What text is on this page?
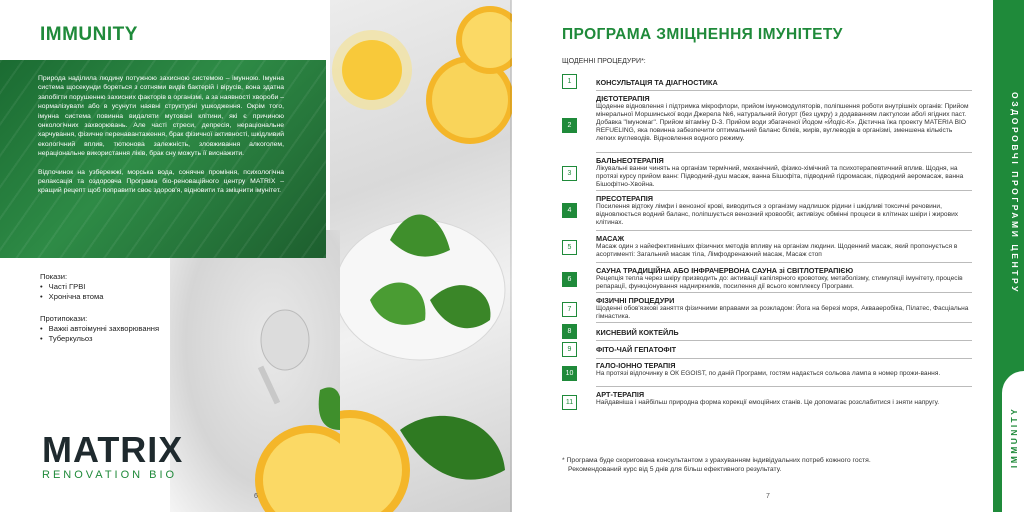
IMMUNITY

Природа наділила людину потужною захисною системою – імунною. Імунна система щосекунди бореться з сотнями видів бактерій і вірусів, вона здатна запобігти порушенню захисних факторів в організмі, а за наявності хвороби – нормалізувати або в усунути наявні структурні ушкодження. Окрім того, імунна система повинна видаляти мутовані клітини, які є причиною онкологічних захворювань. Але часті стреси, депресія, нераціональне харчування, фізичне перенавантаження, брак фізичної активності, шкідливий екологічний вплив, тютюнова залежність, зловживання алкоголем, нераціональне використання ліків, брак сну можуть її виснажити.

Відпочинок на узбережжі, морська вода, сонячне проміння, психологічна релаксація та оздоровча Програма біо-реноваційного центру MATRIX – кращий рецепт щоб поправити своє здоров'я, відновити та зміцнити імунітет.

Покази:
• Часті ГРВІ
• Хронічна втома
Протипокази:
• Важкі автоімунні захворювання
• Туберкульоз
MATRIX
RENOVATION BIO
6
ПРОГРАМА ЗМІЦНЕННЯ ІМУНІТЕТУ
ЩОДЕННІ ПРОЦЕДУРИ*:
1	КОНСУЛЬТАЦІЯ ТА ДІАГНОСТИКА
2
ДІЄТОТЕРАПІЯ
Щоденне відновлення і підтримка мікрофлори, прийом імуномодуляторів, поліпшення роботи внутрішніх органів: Прийом мінеральної Моршинської води Джерела №6, натуральний йогурт (без цукру) з додаванням лактулози або/і ягідних паст. Добавка "Імуномаг". Прийом вітаміну D-3. Прийом води збагаченої Йодом «Йодіс-К». Дієтична їжа проекту MATERIA BIO REFUELING, яка повинна забезпечити оптимальний баланс білків, жирів, вуглеводів в організмі, зменшена кількість легких вуглеводів. Відновлення водного режиму.
3
БАЛЬНЕОТЕРАПІЯ
Лікувальні ванни чинять на організм термічний, механічний, фізико-хімічний та психотерапевтичний вплив. Щодня, на протязі курсу прийом ванн: Підводний-душ масаж, ванна Бішофіта, підводний гідромасаж, підводний аеромасаж, ванна Бішофітно-Хвойна.
4
ПРЕСОТЕРАПІЯ
Посилення відтоку лімфи і венозної крові, виводиться з організму надлишок рідини і шкідливі токсичні речовини, відновлюється водний баланс, поліпшується венозний кровообіг, активізує обмінні процеси в клітинах шкіри і жирових клітинах.
5
МАСАЖ
Масаж один з найефективніших фізичних методів впливу на організм людини. Щоденний масаж, який пропонується в асортименті: Загальний масаж тіла, Лімфодренажний масаж, Масаж стоп
6
САУНА ТРАДИЦІЙНА АБО ІНФРАЧЕРВОНА САУНА зі СВІТЛОТЕРАПІЄЮ
Рецепція тепла через шкіру призводить до: активації капілярного кровотоку, метаболізму, стимуляції імунітету, процесів репарації, функціонування надниркників, посилення дії всього комплексу Програми.
7
ФІЗИЧНІ ПРОЦЕДУРИ
Щоденні обов'язкові заняття фізичними вправами за розкладом: Йога на березі моря, Аквааеробіка, Пілатес, Фасціальна гімнастика.
8	КИСНЕВИЙ КОКТЕЙЛЬ
9	ФІТО-ЧАЙ ГЕПАТОФІТ
10
ГАЛО-ІОННО ТЕРАПІЯ
На протязі відпочинку в ОК EGOIST, по даній Програми, гостям надається сольова лампа в номер прожи-вання.
11
АРТ-ТЕРАПІЯ
Найдавніша і найбільш природна форма корекції емоційних станів. Це допомагає розслабитися і зняти напругу.
* Програма буде скоригована консультантом з урахуванням індивідуальних потреб кожного гостя.
Рекомендований курс від 5 днів для більш ефективного результату.
7
ОЗДОРОВЧІ ПРОГРАМИ ЦЕНТРУ
IMMUNITY
